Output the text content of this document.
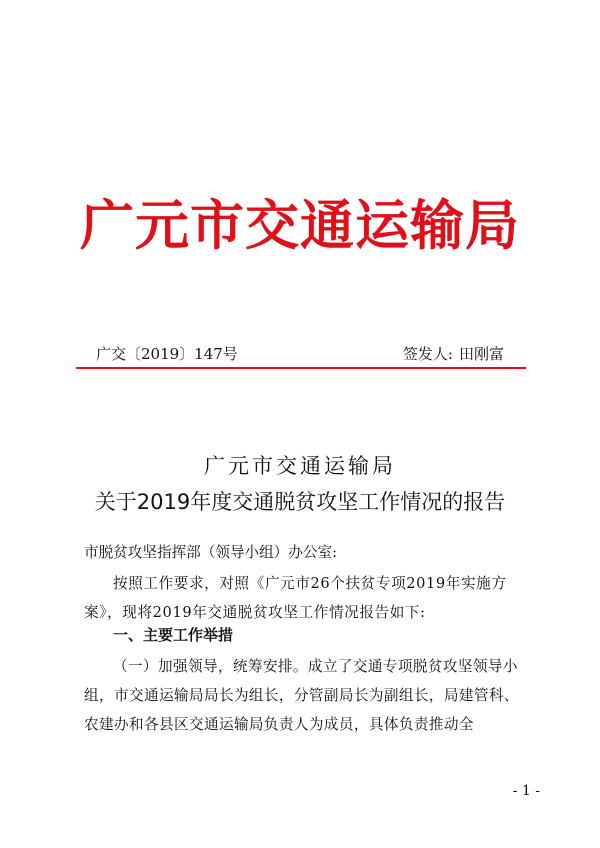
广元市交通运输局
广交〔2019〕147号	签发人: 田刚富
广元市交通运输局
关于2019年度交通脱贫攻坚工作情况的报告
市脱贫攻坚指挥部（领导小组）办公室:
按照工作要求，对照《广元市26个扶贫专项2019年实施方案》，现将2019年交通脱贫攻坚工作情况报告如下:
一、主要工作举措
（一）加强领导，统筹安排。成立了交通专项脱贫攻坚领导小组，市交通运输局局长为组长，分管副局长为副组长，局建管科、农建办和各县区交通运输局负责人为成员，具体负责推动全
- 1 -
